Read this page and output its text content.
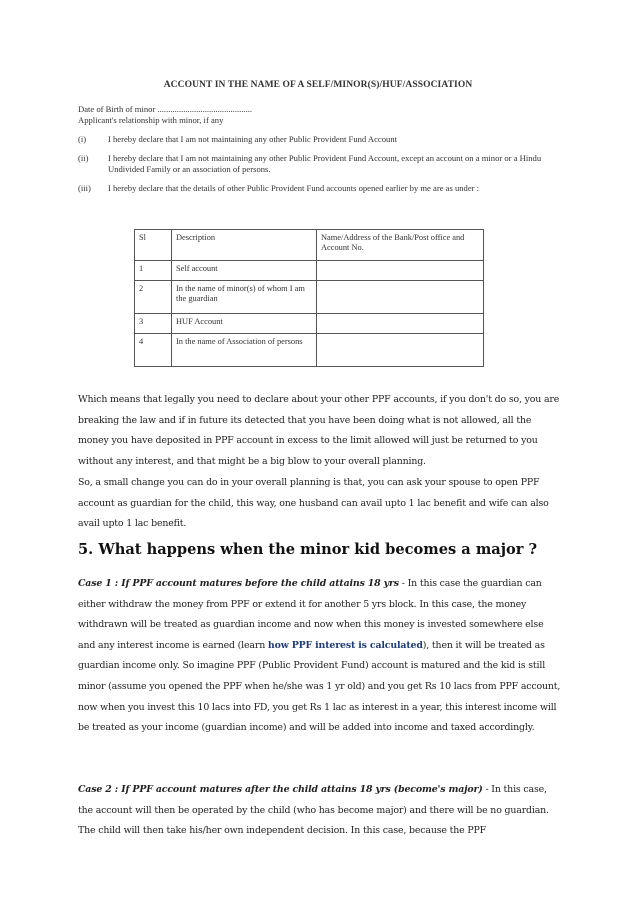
ACCOUNT IN THE NAME OF A SELF/MINOR(S)/HUF/ASSOCIATION

Date of Birth of minor ............................................

Applicant's relationship with minor, if any

(i)	I hereby declare that I am not maintaining any other Public Provident Fund Account
(ii)	I hereby declare that I am not maintaining any other Public Provident Fund Account, except an account on a minor or a Hindu Undivided Family or an association of persons.
(iii)	I hereby declare that the details of other Public Provident Fund accounts opened earlier by me are as under :
Sl	Description	Name/Address of the Bank/Post office and Account No.
1	Self account	
2	In the name of minor(s) of whom I am the guardian	
3	HUF Account	
4	In the name of Association of persons	

Which means that legally you need to declare about your other PPF accounts, if you don't do so, you are breaking the law and if in future its detected that you have been doing what is not allowed, all the money you have deposited in PPF account in excess to the limit allowed will just be returned to you without any interest, and that might be a big blow to your overall planning.

So, a small change you can do in your overall planning is that, you can ask your spouse to open PPF account as guardian for the child, this way, one husband can avail upto 1 lac benefit and wife can also avail upto 1 lac benefit.

5. What happens when the minor kid becomes a major ?

Case 1 : If PPF account matures before the child attains 18 yrs - In this case the guardian can either withdraw the money from PPF or extend it for another 5 yrs block. In this case, the money withdrawn will be treated as guardian income and now when this money is invested somewhere else and any interest income is earned (learn how PPF interest is calculated), then it will be treated as guardian income only. So imagine PPF (Public Provident Fund) account is matured and the kid is still minor (assume you opened the PPF when he/she was 1 yr old) and you get Rs 10 lacs from PPF account, now when you invest this 10 lacs into FD, you get Rs 1 lac as interest in a year, this interest income will be treated as your income (guardian income) and will be added into income and taxed accordingly.

Case 2 : If PPF account matures after the child attains 18 yrs (become's major) - In this case, the account will then be operated by the child (who has become major) and there will be no guardian. The child will then take his/her own independent decision. In this case, because the PPF
